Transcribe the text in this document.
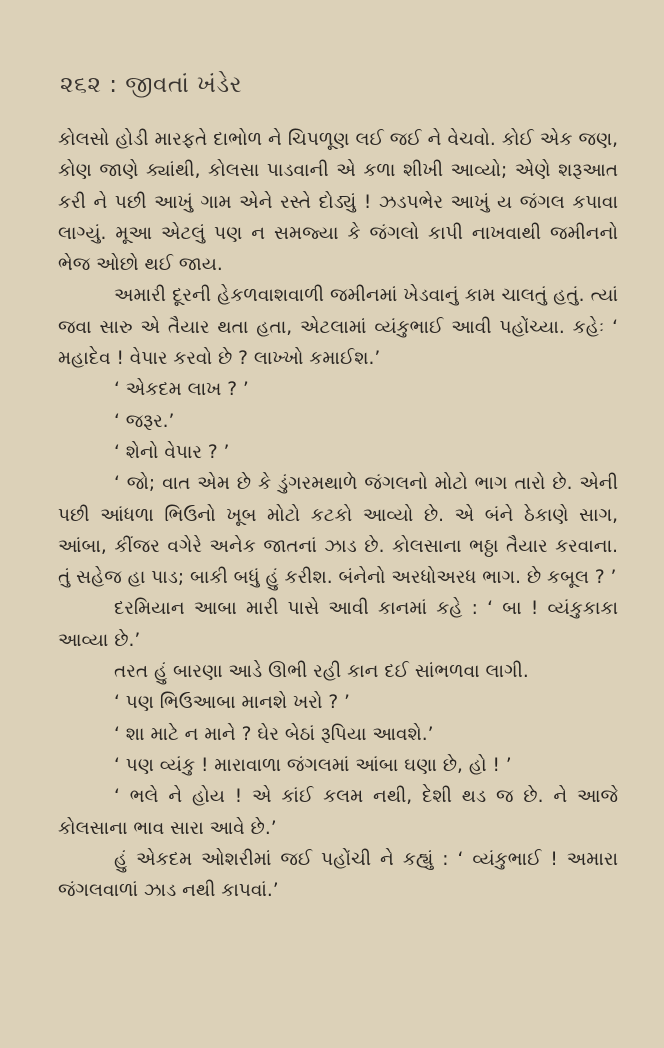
૨૬૨ : જીવતાં ખંડેર

કોલસો હોડી મારફતે દાભોળ ને ચિપળૂણ લઈ જઈ ને વેચવો. કોઈ એક જણ, કોણ જાણે ક્યાંથી, કોલસા પાડવાની એ કળા શીખી આવ્યો; એણે શરૂઆત કરી ને પછી આખું ગામ એને રસ્તે દોડ્યું ! ઝડપભેર આખું ય જંગલ કપાવા લાગ્યું. મૂઆ એટલું પણ ન સમજ્યા કે જંગલો કાપી નાખવાથી જમીનનો ભેજ ઓછો થઈ જાય.

અમારી દૂરની હેકળવાશવાળી જમીનમાં ખેડવાનું કામ ચાલતું હતું. ત્યાં જવા સારુ એ તૈયાર થતા હતા, એટલામાં વ્યંકુભાઈ આવી પહોંચ્યા. કહેઃ ‘ મહાદેવ ! વેપાર કરવો છે ? લાખ્ખો કમાઈશ.’

‘ એકદમ લાખ ? ’

‘ જરૂર.’

‘ શેનો વેપાર ? ’

‘ જો; વાત એમ છે કે ડુંગરમથાળે જંગલનો મોટો ભાગ તારો છે. એની પછી આંધળા ભિઉનો ખૂબ મોટો કટકો આવ્યો છે. એ બંને ઠેકાણે સાગ, આંબા, કીંજર વગેરે અનેક જાતનાં ઝાડ છે. કોલસાના ભઠ્ઠા તૈયાર કરવાના. તું સહેજ હા પાડ; બાકી બધું હું કરીશ. બંનેનો અરધોઅરધ ભાગ. છે કબૂલ ? ’

દરમિયાન આબા મારી પાસે આવી કાનમાં કહે : ‘ બા ! વ્યંકુકાકા આવ્યા છે.’

તરત હું બારણા આડે ઊભી રહી કાન દઈ સાંભળવા લાગી.

‘ પણ ભિઉઆબા માનશે ખરો ? ’

‘ શા માટે ન માને ? ઘેર બેઠાં રૂપિયા આવશે.’

‘ પણ વ્યંકુ ! મારાવાળા જંગલમાં આંબા ઘણા છે, હો ! ’

‘ ભલે ને હોય ! એ કાંઈ કલમ નથી, દેશી થડ જ છે. ને આજે કોલસાના ભાવ સારા આવે છે.’

હું એકદમ ઓશરીમાં જઈ પહોંચી ને કહ્યું : ‘ વ્યંકુભાઈ ! અમારા જંગલવાળાં ઝાડ નથી કાપવાં.’
